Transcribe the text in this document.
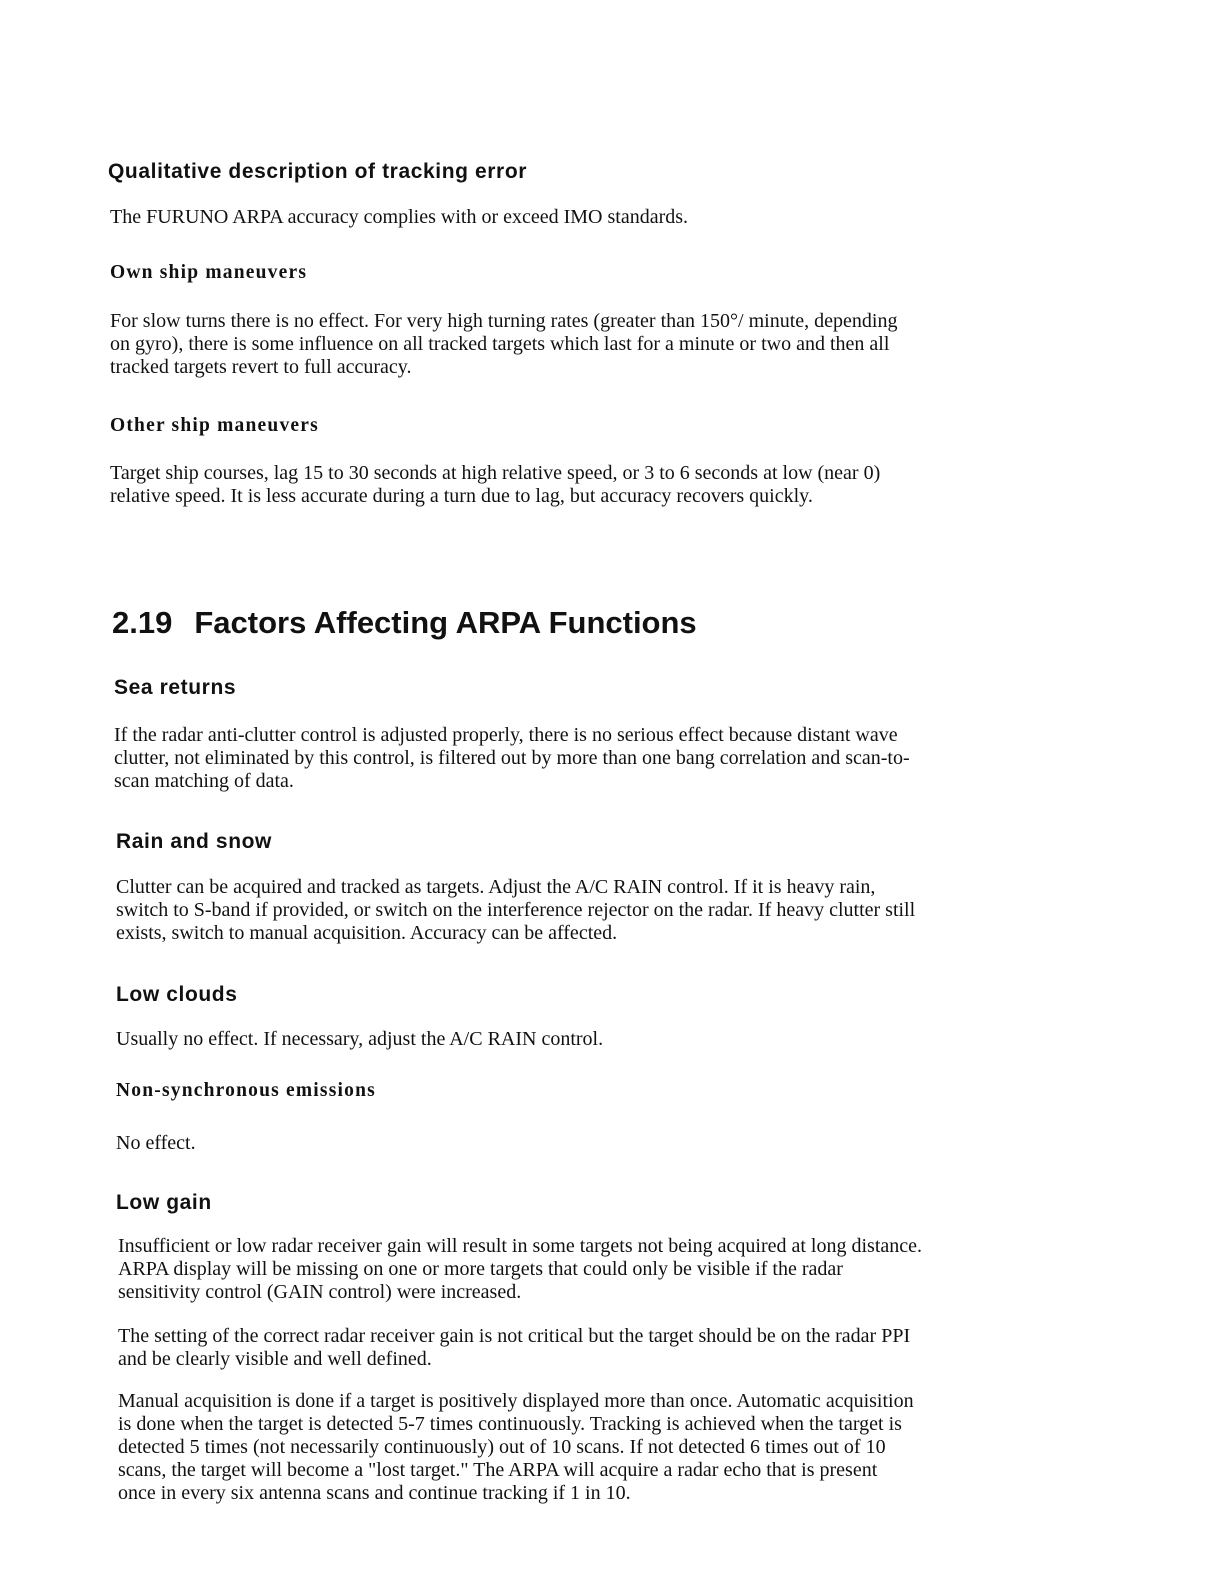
Qualitative description of tracking error

The FURUNO ARPA accuracy complies with or exceed IMO standards.

Own ship maneuvers

For slow turns there is no effect. For very high turning rates (greater than 150°/ minute, depending
on gyro), there is some influence on all tracked targets which last for a minute or two and then all
tracked targets revert to full accuracy.

Other ship maneuvers

Target ship courses, lag 15 to 30 seconds at high relative speed, or 3 to 6 seconds at low (near 0)
relative speed. It is less accurate during a turn due to lag, but accuracy recovers quickly.

2.19 Factors Affecting ARPA Functions
Sea returns

If the radar anti-clutter control is adjusted properly, there is no serious effect because distant wave
clutter, not eliminated by this control, is filtered out by more than one bang correlation and scan-to-
scan matching of data.

Rain and snow

Clutter can be acquired and tracked as targets. Adjust the A/C RAIN control. If it is heavy rain,
switch to S-band if provided, or switch on the interference rejector on the radar. If heavy clutter still
exists, switch to manual acquisition. Accuracy can be affected.

Low clouds

Usually no effect. If necessary, adjust the A/C RAIN control.

Non-synchronous emissions

No effect.

Low gain

Insufficient or low radar receiver gain will result in some targets not being acquired at long distance.
ARPA display will be missing on one or more targets that could only be visible if the radar
sensitivity control (GAIN control) were increased.

The setting of the correct radar receiver gain is not critical but the target should be on the radar PPI
and be clearly visible and well defined.

Manual acquisition is done if a target is positively displayed more than once. Automatic acquisition
is done when the target is detected 5-7 times continuously. Tracking is achieved when the target is
detected 5 times (not necessarily continuously) out of 10 scans. If not detected 6 times out of 10
scans, the target will become a "lost target." The ARPA will acquire a radar echo that is present
once in every six antenna scans and continue tracking if 1 in 10.
